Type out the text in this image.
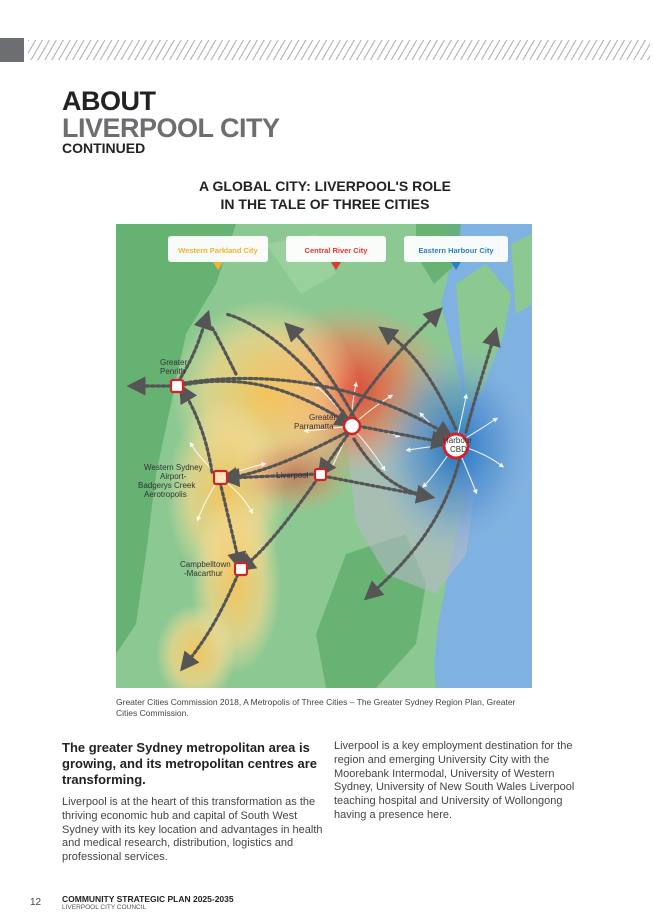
ABOUT
LIVERPOOL CITY
CONTINUED
A GLOBAL CITY: LIVERPOOL'S ROLE
IN THE TALE OF THREE CITIES
Greater
Penrith
Greater
Parramatta
Harbour
CBD
Western Sydney
Airport-
Badgerys Creek
Aerotropolis
Liverpool
Campbelltown
-Macarthur
Western Parkland City	Central River City	Eastern Harbour City
Greater Cities Commission 2018, A Metropolis of Three Cities – The Greater Sydney Region Plan, Greater Cities Commission.

The greater Sydney metropolitan area is growing, and its metropolitan centres are transforming.

Liverpool is at the heart of this transformation as the thriving economic hub and capital of South West Sydney with its key location and advantages in health and medical research, distribution, logistics and professional services.

Liverpool is a key employment destination for the region and emerging University City with the Moorebank Intermodal, University of Western Sydney, University of New South Wales Liverpool teaching hospital and University of Wollongong having a presence here.

12 COMMUNITY STRATEGIC PLAN 2025-2035
LIVERPOOL CITY COUNCIL
